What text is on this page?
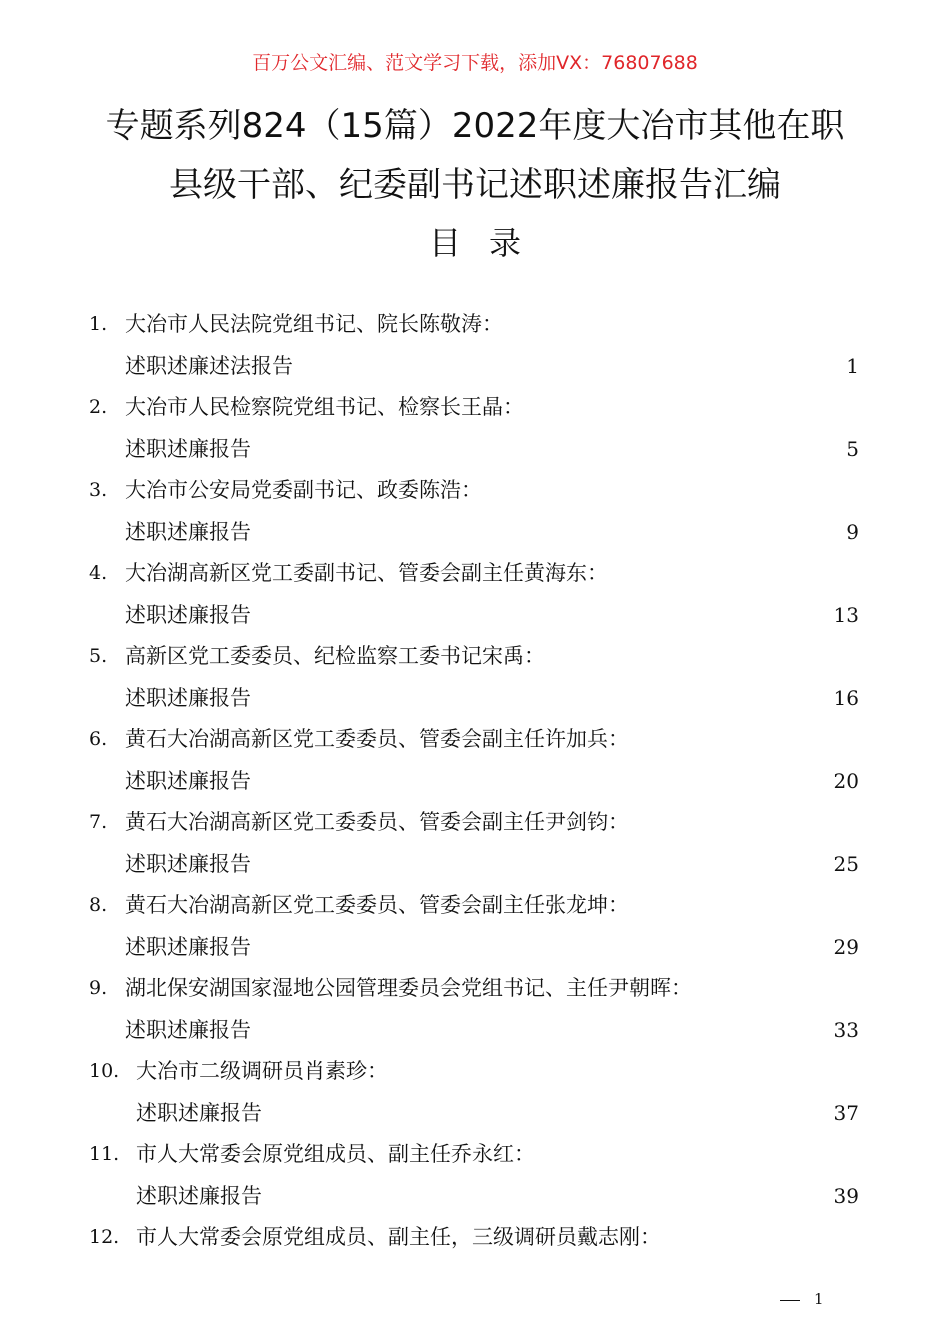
百万公文汇编、范文学习下载，添加VX：76807688
专题系列824（15篇）2022年度大冶市其他在职
县级干部、纪委副书记述职述廉报告汇编
目录
1. 大冶市人民法院党组书记、院长陈敬涛：
述职述廉述法报告	1
2. 大冶市人民检察院党组书记、检察长王晶：
述职述廉报告	5
3. 大冶市公安局党委副书记、政委陈浩：
述职述廉报告	9
4. 大冶湖高新区党工委副书记、管委会副主任黄海东：
述职述廉报告	13
5. 高新区党工委委员、纪检监察工委书记宋禹：
述职述廉报告	16
6. 黄石大冶湖高新区党工委委员、管委会副主任许加兵：
述职述廉报告	20
7. 黄石大冶湖高新区党工委委员、管委会副主任尹剑钧：
述职述廉报告	25
8. 黄石大冶湖高新区党工委委员、管委会副主任张龙坤：
述职述廉报告	29
9. 湖北保安湖国家湿地公园管理委员会党组书记、主任尹朝晖：
述职述廉报告	33
10. 大冶市二级调研员肖素珍：
述职述廉报告	37
11. 市人大常委会原党组成员、副主任乔永红：
述职述廉报告	39
12. 市人大常委会原党组成员、副主任，三级调研员戴志刚：
1
